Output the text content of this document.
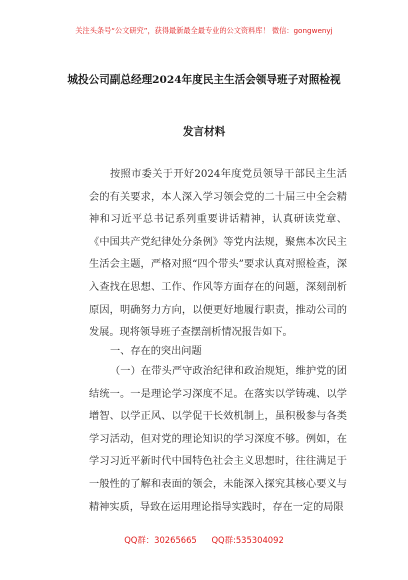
关注头条号“公文研究”，获得最新最全最专业的公文资料库！ 微信：gongwenyj
城投公司副总经理2024年度民主生活会领导班子对照检视
发言材料
按照市委关于开好2024年度党员领导干部民主生活会的有关要求，本人深入学习领会党的二十届三中全会精神和习近平总书记系列重要讲话精神，认真研读党章、《中国共产党纪律处分条例》等党内法规，聚焦本次民主生活会主题，严格对照“四个带头”要求认真对照检查，深入查找在思想、工作、作风等方面存在的问题，深刻剖析原因，明确努力方向，以便更好地履行职责，推动公司的发展。现将领导班子查摆剖析情况报告如下。
一、存在的突出问题
（一）在带头严守政治纪律和政治规矩，维护党的团结统一。一是理论学习深度不足。在落实以学铸魂、以学增智、以学正风、以学促干长效机制上，虽积极参与各类学习活动，但对党的理论知识的学习深度不够。例如，在学习习近平新时代中国特色社会主义思想时，往往满足于一般性的了解和表面的领会，未能深入探究其核心要义与精神实质，导致在运用理论指导实践时，存在一定的局限
QQ群：30265665 QQ群:535304092
